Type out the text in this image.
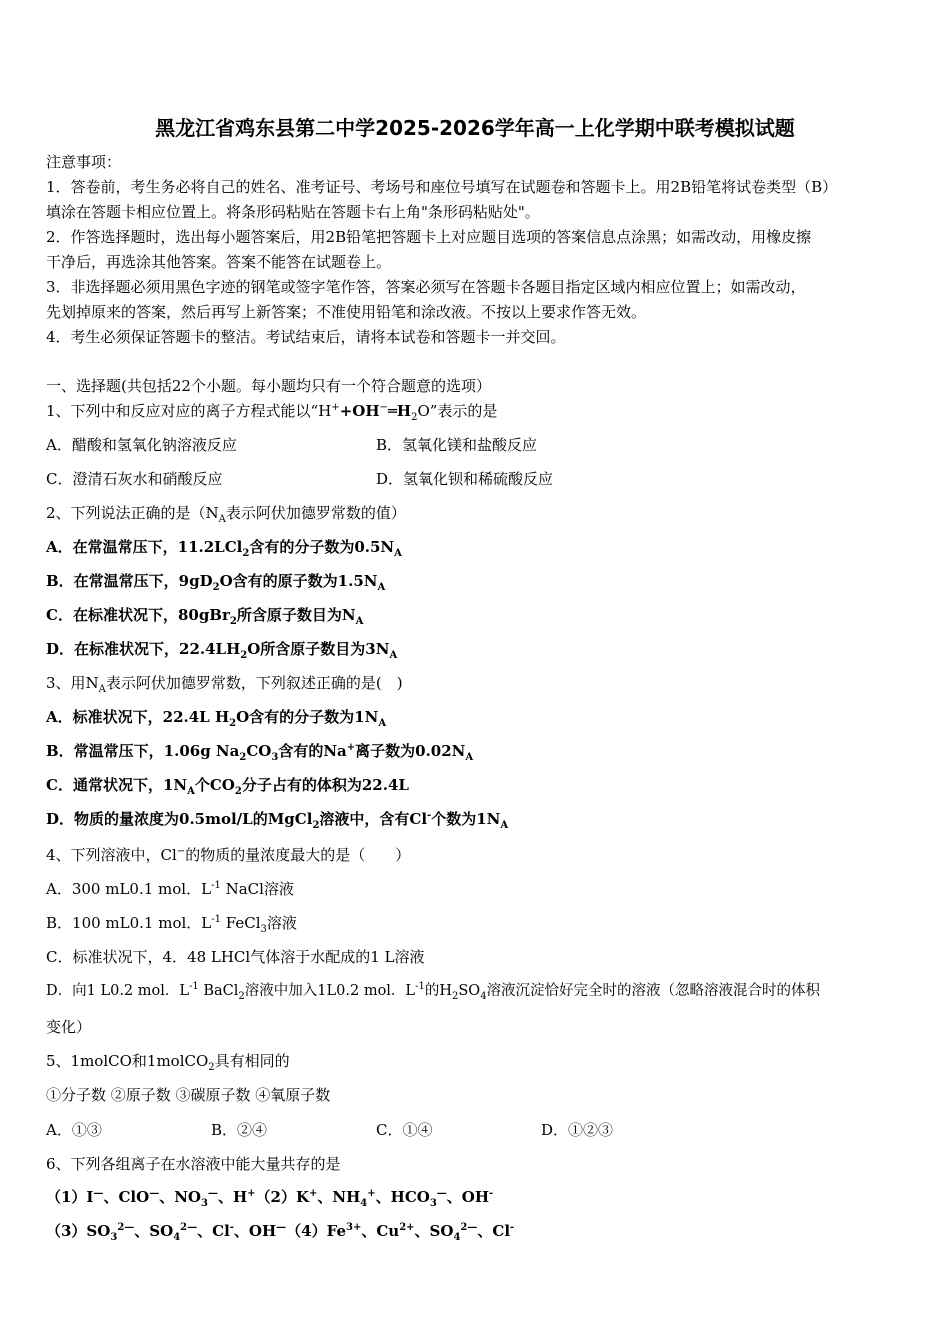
黑龙江省鸡东县第二中学2025-2026学年高一上化学期中联考模拟试题
注意事项：
1．答卷前，考生务必将自己的姓名、准考证号、考场号和座位号填写在试题卷和答题卡上。用2B铅笔将试卷类型（B）
填涂在答题卡相应位置上。将条形码粘贴在答题卡右上角"条形码粘贴处"。
2．作答选择题时，选出每小题答案后，用2B铅笔把答题卡上对应题目选项的答案信息点涂黑；如需改动，用橡皮擦
干净后，再选涂其他答案。答案不能答在试题卷上。
3．非选择题必须用黑色字迹的钢笔或签字笔作答，答案必须写在答题卡各题目指定区域内相应位置上；如需改动，
先划掉原来的答案，然后再写上新答案；不准使用铅笔和涂改液。不按以上要求作答无效。
4．考生必须保证答题卡的整洁。考试结束后，请将本试卷和答题卡一并交回。
一、选择题(共包括22个小题。每小题均只有一个符合题意的选项）
1、下列中和反应对应的离子方程式能以“$H^++OH^-═H_2O$”表示的是
A．醋酸和氢氧化钠溶液反应	B．氢氧化镁和盐酸反应
C．澄清石灰水和硝酸反应	D．氢氧化钡和稀硫酸反应
2、下列说法正确的是（$N_A$表示阿伏加德罗常数的值）
A．在常温常压下，11.2LCl$_2$含有的分子数为$0.5N_A$
B．在常温常压下，$9gD_2O$含有的原子数为$1.5N_A$
C．在标准状况下，80gBr$_2$所含原子数目为$N_A$
D．在标准状况下，$22.4LH_2O$所含原子数目为$3N_A$
3、用$N_A$表示阿伏加德罗常数，下列叙述正确的是(　)
A．标准状况下，22.4L $H_2O$含有的分子数为$1N_A$
B．常温常压下，1.06g $Na_2CO_3$含有的Na+离子数为$0.02N_A$
C．通常状况下，$1N_A$个$CO_2$分子占有的体积为22.4L
D．物质的量浓度为0.5mol/L的MgCl$_2$溶液中，含有Cl-个数为$1N_A$
4、下列溶液中，Cl−的物质的量浓度最大的是（　　）
A．300 mL0.1 mol．$L^{-1}$ NaCl溶液
B．100 mL0.1 mol．$L^{-1}$ FeCl$_3$溶液
C．标准状况下，4．48 LHCl气体溶于水配成的1 L溶液
D．向1 L0.2 mol．$L^{-1}$ BaCl$_2$溶液中加入1L0.2 mol．$L^{-1}$的$H_2SO_4$溶液沉淀恰好完全时的溶液（忽略溶液混合时的体积
变化）
5、1molCO和1molCO$_2$具有相同的
①分子数 ②原子数 ③碳原子数 ④氧原子数
A．①③	B．②④	C．①④	D．①②③
6、下列各组离子在水溶液中能大量共存的是
（1）I—、ClO—、$NO_3^—$、H+（2）K+、$NH_4^+$、$HCO_3^—$、OH-
$(3)SO_3^{2—}$、$SO_4^{2—}$、Cl-、$OH^—(4)Fe^{3+}$、$Cu^{2+}$、$SO_4^{2—}$、Cl-
